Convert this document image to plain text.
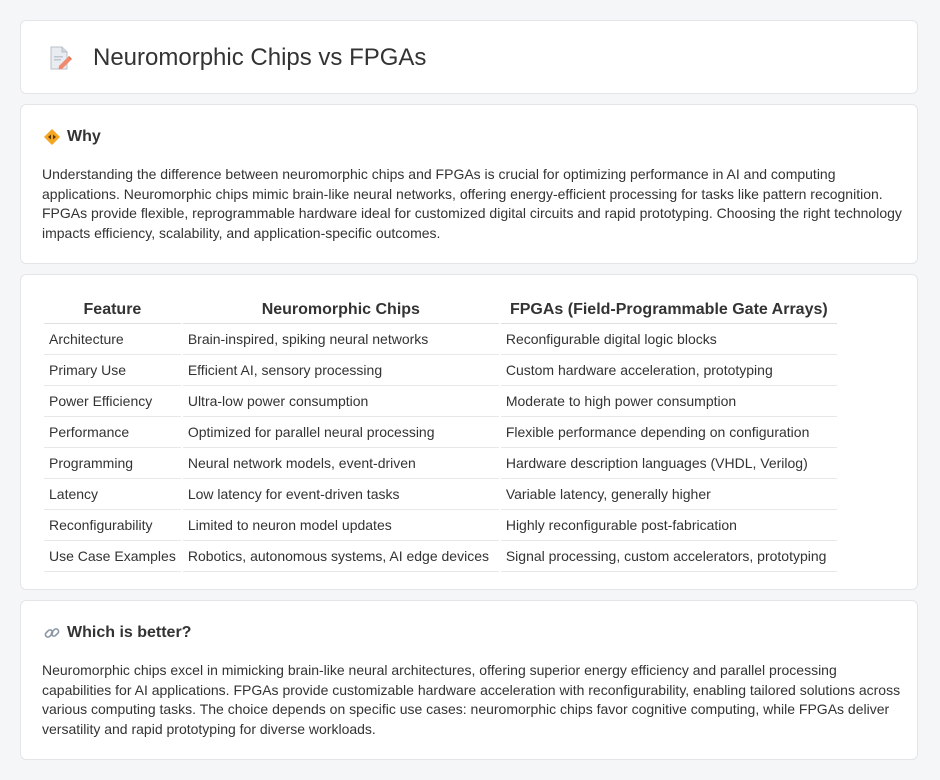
Neuromorphic Chips vs FPGAs
Why

Understanding the difference between neuromorphic chips and FPGAs is crucial for optimizing performance in AI and computing applications. Neuromorphic chips mimic brain-like neural networks, offering energy-efficient processing for tasks like pattern recognition. FPGAs provide flexible, reprogrammable hardware ideal for customized digital circuits and rapid prototyping. Choosing the right technology impacts efficiency, scalability, and application-specific outcomes.

Feature	Neuromorphic Chips	FPGAs (Field-Programmable Gate Arrays)
Architecture	Brain-inspired, spiking neural networks	Reconfigurable digital logic blocks
Primary Use	Efficient AI, sensory processing	Custom hardware acceleration, prototyping
Power Efficiency	Ultra-low power consumption	Moderate to high power consumption
Performance	Optimized for parallel neural processing	Flexible performance depending on configuration
Programming	Neural network models, event-driven	Hardware description languages (VHDL, Verilog)
Latency	Low latency for event-driven tasks	Variable latency, generally higher
Reconfigurability	Limited to neuron model updates	Highly reconfigurable post-fabrication
Use Case Examples	Robotics, autonomous systems, AI edge devices	Signal processing, custom accelerators, prototyping
Which is better?

Neuromorphic chips excel in mimicking brain-like neural architectures, offering superior energy efficiency and parallel processing capabilities for AI applications. FPGAs provide customizable hardware acceleration with reconfigurability, enabling tailored solutions across various computing tasks. The choice depends on specific use cases: neuromorphic chips favor cognitive computing, while FPGAs deliver versatility and rapid prototyping for diverse workloads.
